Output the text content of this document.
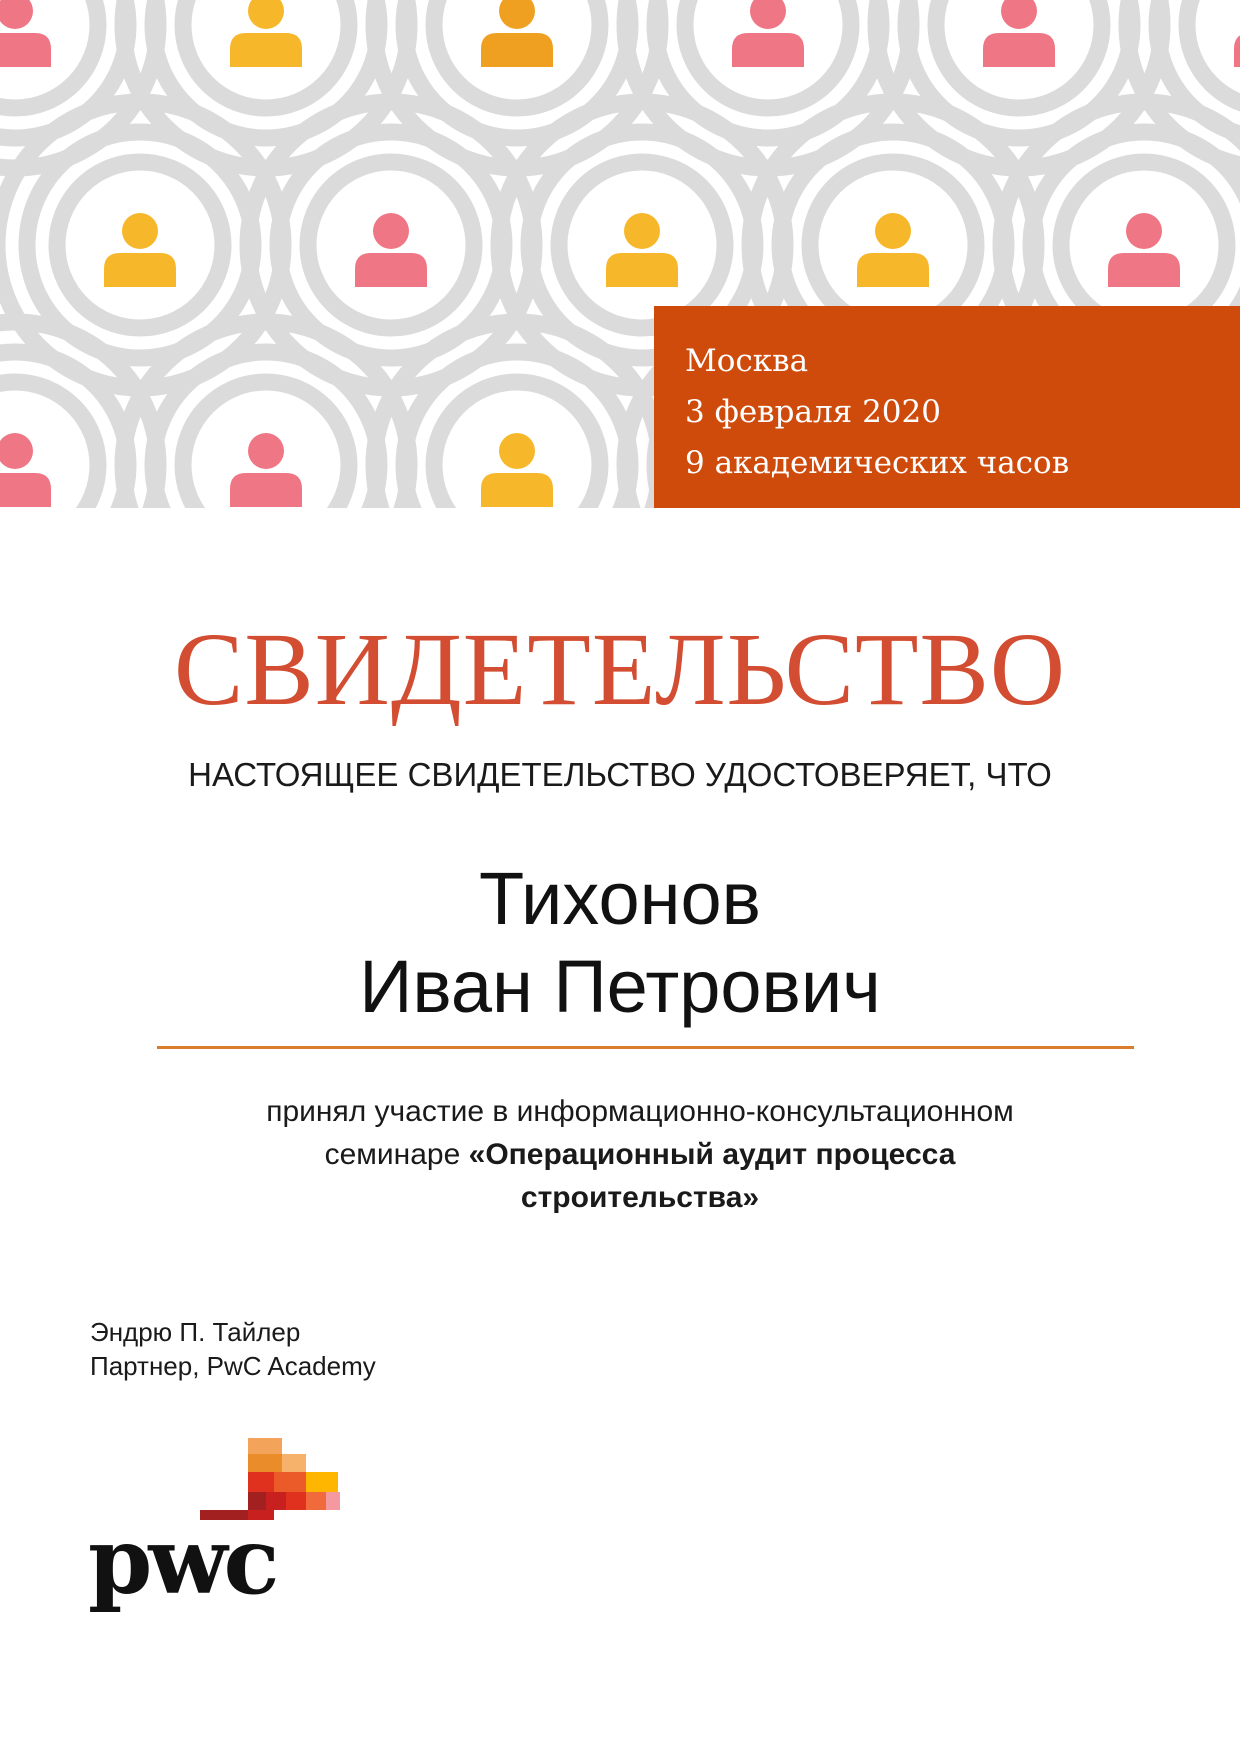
Москва
3 февраля 2020
9 академических часов
СВИДЕТЕЛЬСТВО
НАСТОЯЩЕЕ СВИДЕТЕЛЬСТВО УДОСТОВЕРЯЕТ, ЧТО
Тихонов
Иван Петрович
принял участие в информационно-консультационном
семинаре «Операционный аудит процесса
строительства»
Эндрю П. Тайлер
Партнер, PwC Academy
pwc
